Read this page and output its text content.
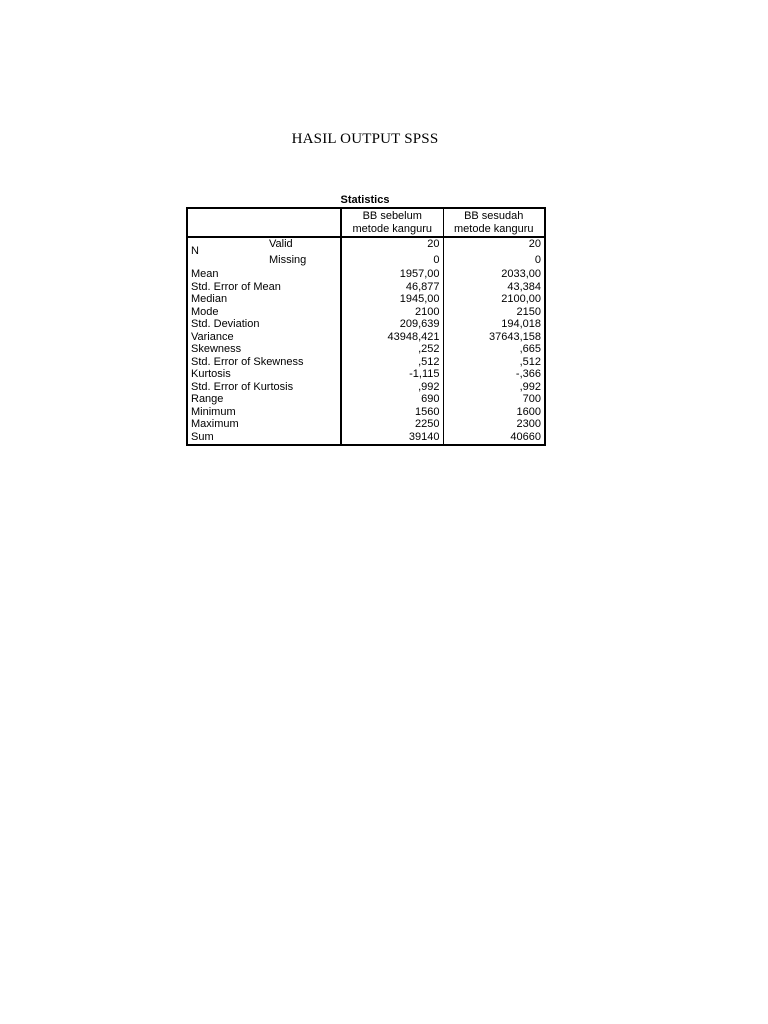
HASIL OUTPUT SPSS
Statistics
	BB sebelum metode kanguru	BB sesudah metode kanguru

N
Valid	20	20
Missing	0	0
Mean	1957,00	2033,00
Std. Error of Mean	46,877	43,384
Median	1945,00	2100,00
Mode	2100	2150
Std. Deviation	209,639	194,018
Variance	43948,421	37643,158
Skewness	,252	,665
Std. Error of Skewness	,512	,512
Kurtosis	-1,115	-,366
Std. Error of Kurtosis	,992	,992
Range	690	700
Minimum	1560	1600
Maximum	2250	2300
Sum	39140	40660
